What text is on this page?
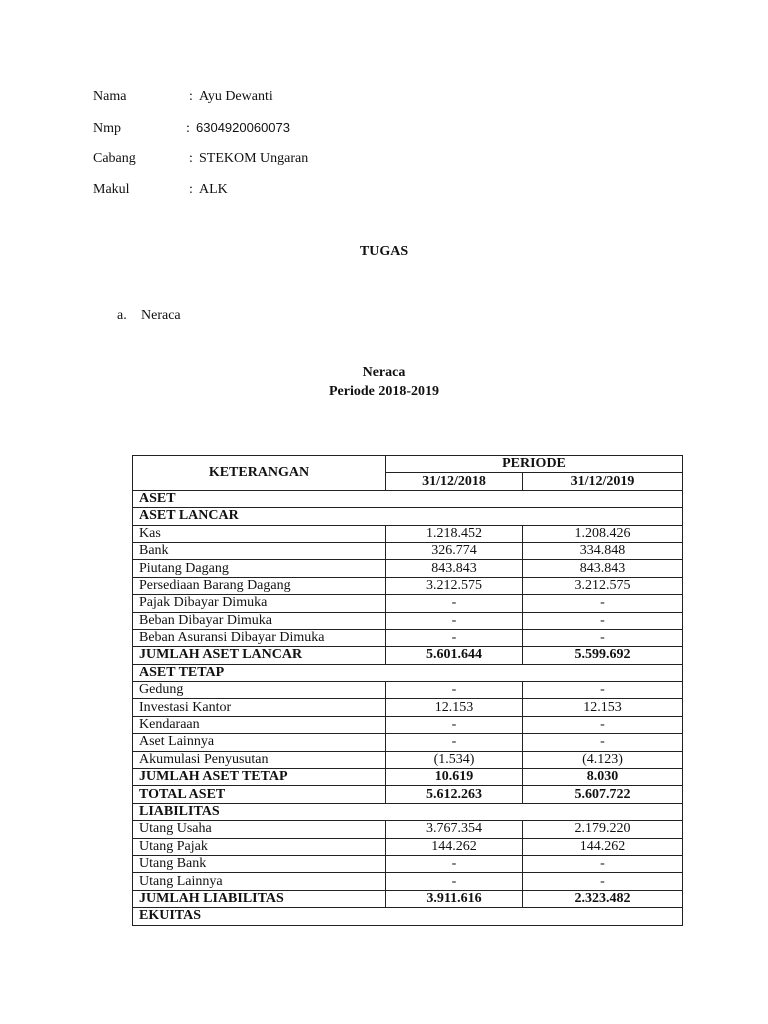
Nama	: Ayu Dewanti
Nmp	: 6304920060073
Cabang	: STEKOM Ungaran
Makul	: ALK
TUGAS
a. Neraca
Neraca
Periode 2018-2019
KETERANGAN	PERIODE	
	31/12/2018	31/12/2019
ASET		
ASET LANCAR		
Kas	1.218.452	1.208.426
Bank	326.774	334.848
Piutang Dagang	843.843	843.843
Persediaan Barang Dagang	3.212.575	3.212.575
Pajak Dibayar Dimuka	-	-
Beban Dibayar Dimuka	-	-
Beban Asuransi Dibayar Dimuka	-	-
JUMLAH ASET LANCAR	5.601.644	5.599.692
ASET TETAP		
Gedung	-	-
Investasi Kantor	12.153	12.153
Kendaraan	-	-
Aset Lainnya	-	-
Akumulasi Penyusutan	(1.534)	(4.123)
JUMLAH ASET TETAP	10.619	8.030
TOTAL ASET	5.612.263	5.607.722
LIABILITAS		
Utang Usaha	3.767.354	2.179.220
Utang Pajak	144.262	144.262
Utang Bank	-	-
Utang Lainnya	-	-
JUMLAH LIABILITAS	3.911.616	2.323.482
EKUITAS		
